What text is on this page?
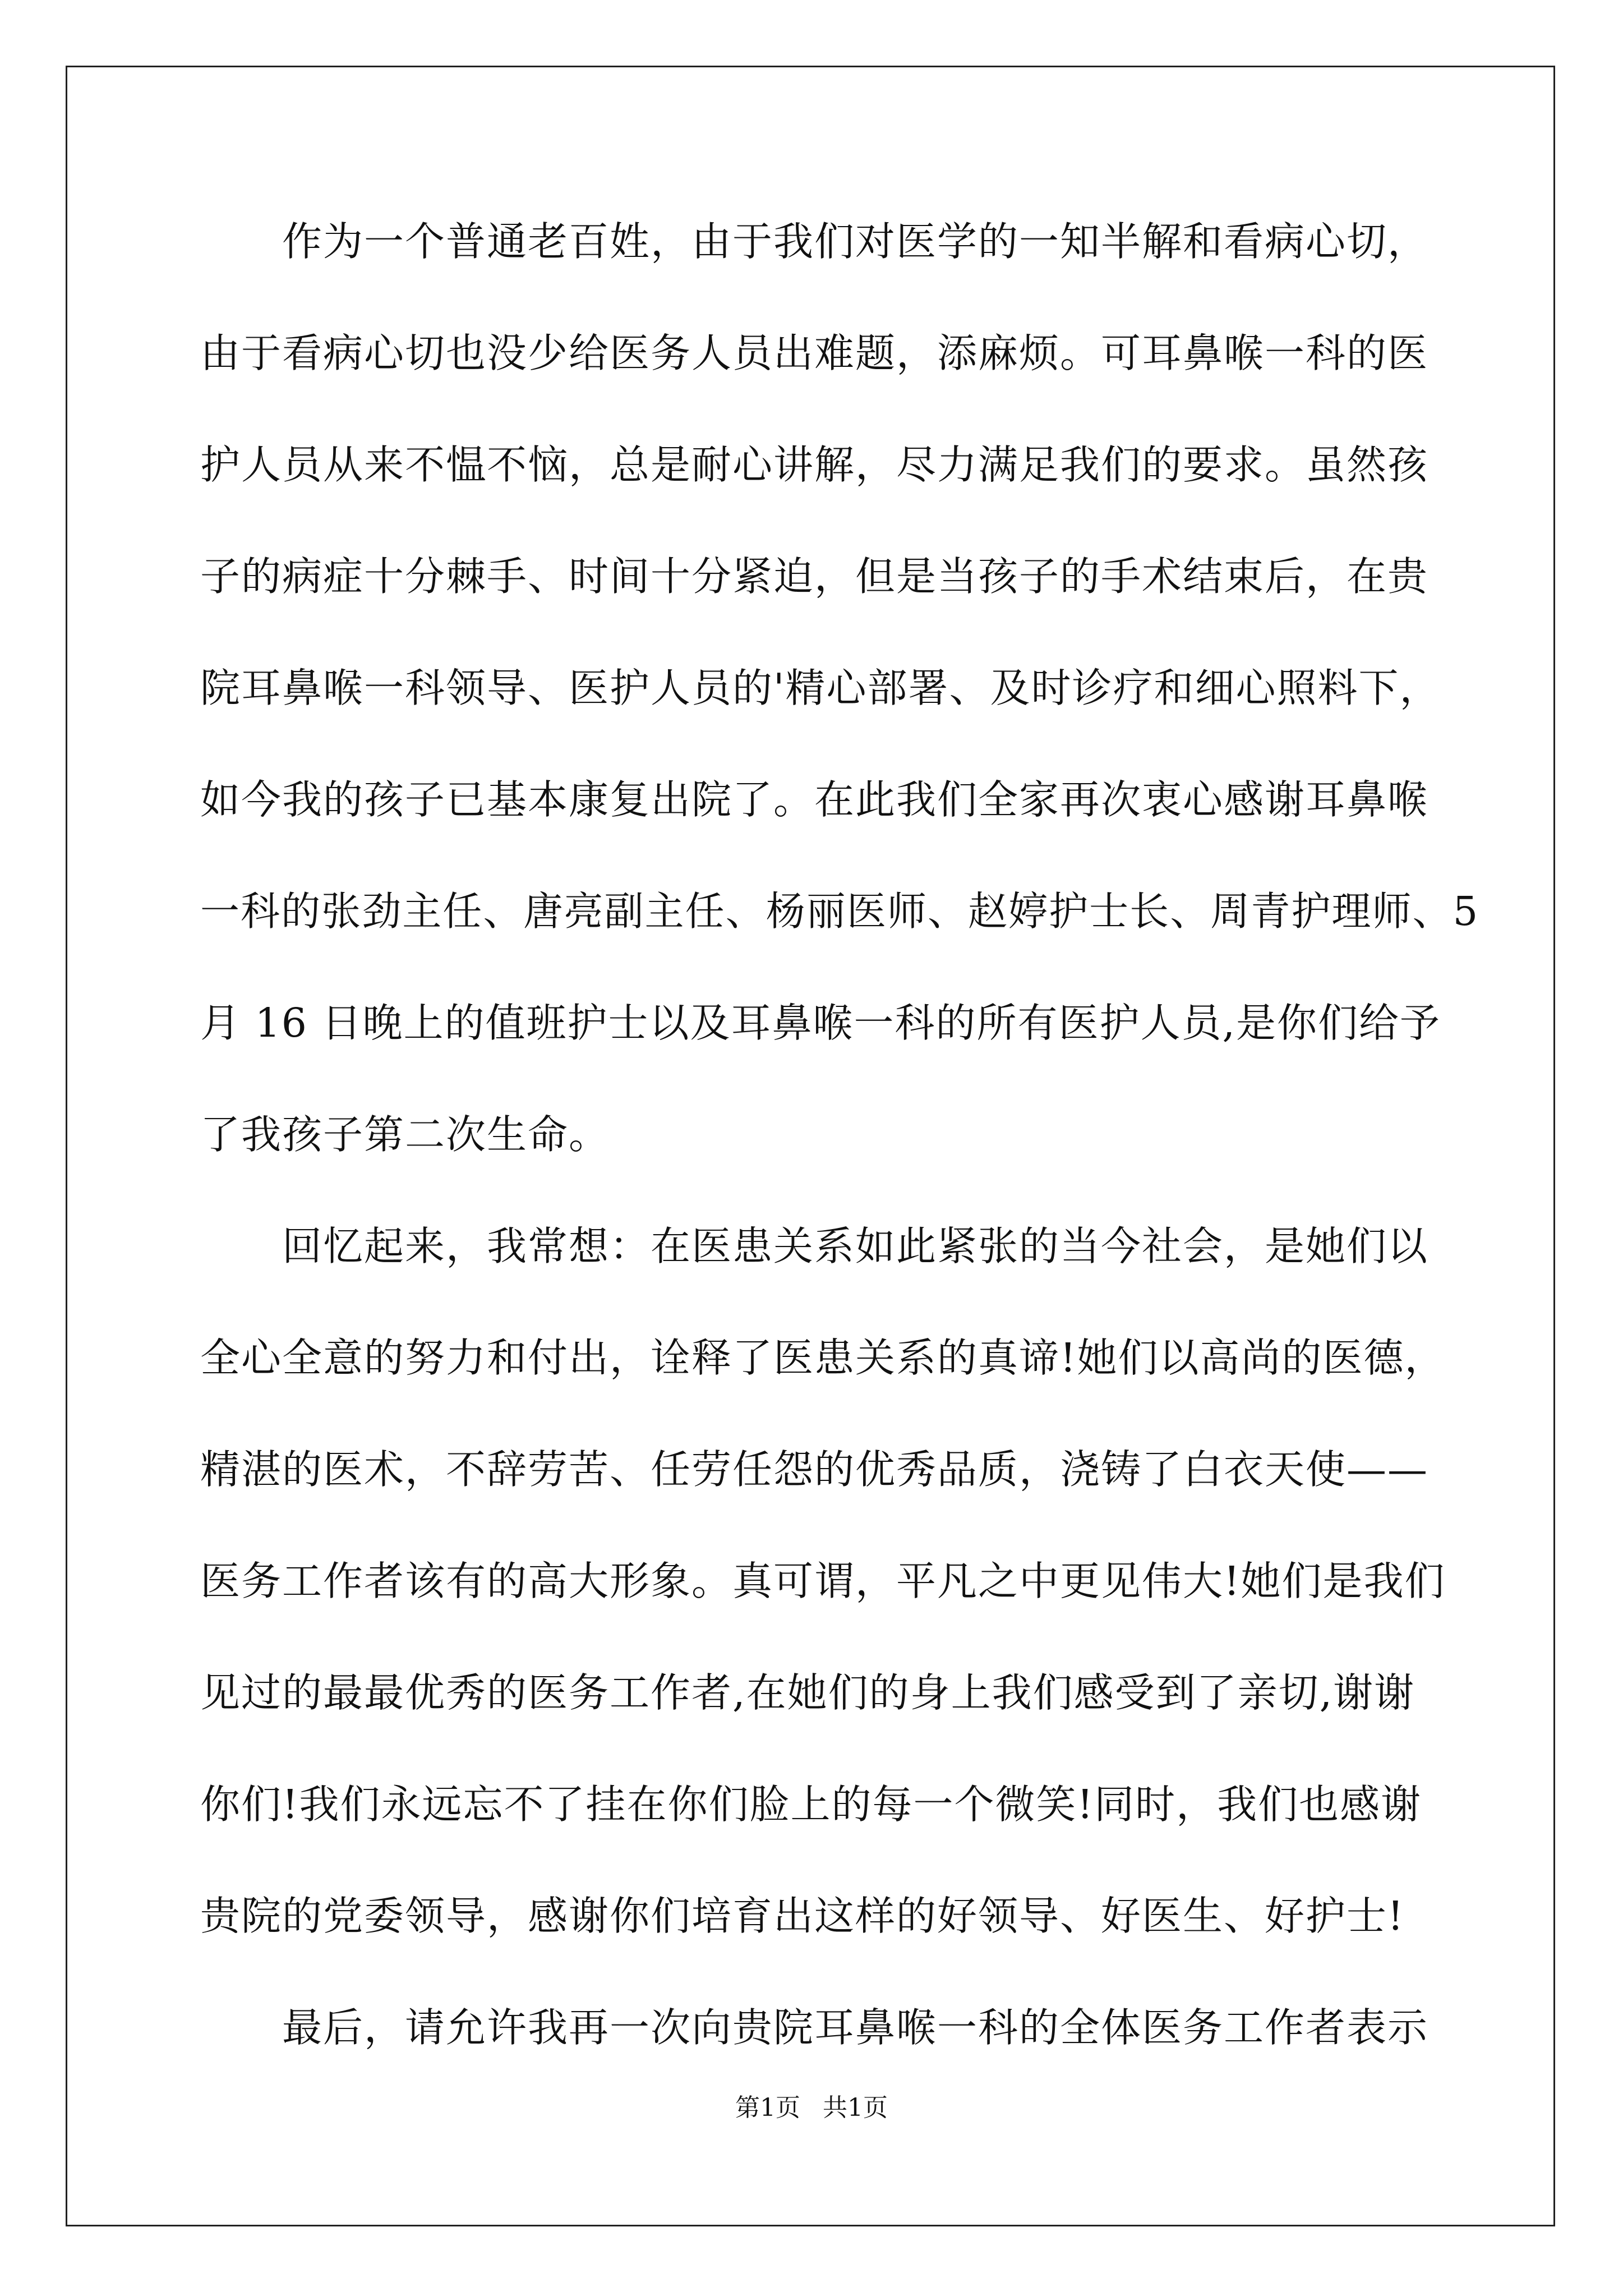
　　作为一个普通老百姓，由于我们对医学的一知半解和看病心切，
由于看病心切也没少给医务人员出难题，添麻烦。可耳鼻喉一科的医
护人员从来不愠不恼，总是耐心讲解，尽力满足我们的要求。虽然孩
子的病症十分棘手、时间十分紧迫，但是当孩子的手术结束后，在贵
院耳鼻喉一科领导、医护人员的'精心部署、及时诊疗和细心照料下，
如今我的孩子已基本康复出院了。在此我们全家再次衷心感谢耳鼻喉
一科的张劲主任、唐亮副主任、杨丽医师、赵婷护士长、周青护理师、5
月 16 日晚上的值班护士以及耳鼻喉一科的所有医护人员,是你们给予
了我孩子第二次生命。
　　回忆起来，我常想：在医患关系如此紧张的当今社会，是她们以
全心全意的努力和付出，诠释了医患关系的真谛!她们以高尚的医德，
精湛的医术，不辞劳苦、任劳任怨的优秀品质，浇铸了白衣天使——
医务工作者该有的高大形象。真可谓，平凡之中更见伟大!她们是我们
见过的最最优秀的医务工作者,在她们的身上我们感受到了亲切,谢谢
你们!我们永远忘不了挂在你们脸上的每一个微笑!同时，我们也感谢
贵院的党委领导，感谢你们培育出这样的好领导、好医生、好护士!
　　最后，请允许我再一次向贵院耳鼻喉一科的全体医务工作者表示
第1页 共1页
